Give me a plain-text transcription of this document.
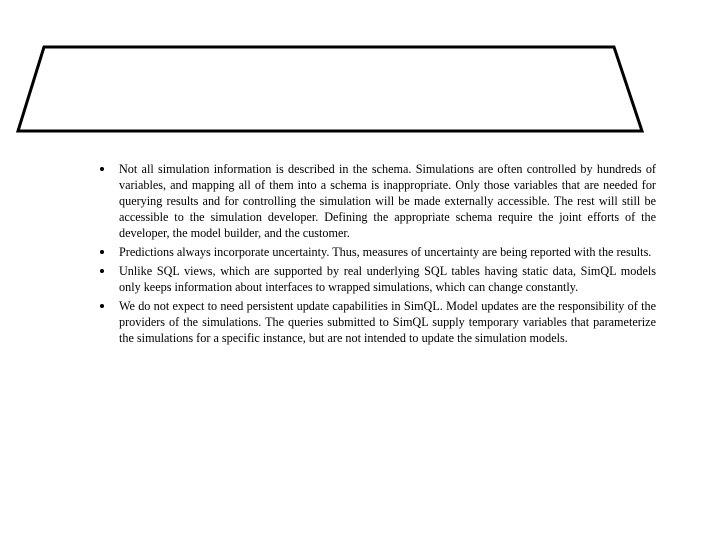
Not all simulation information is described in the schema. Simulations are often controlled by hundreds of variables, and mapping all of them into a schema is inappropriate. Only those variables that are needed for querying results and for controlling the simulation will be made externally accessible. The rest will still be accessible to the simulation developer. Defining the appropriate schema require the joint efforts of the developer, the model builder, and the customer.
Predictions always incorporate uncertainty. Thus, measures of uncertainty are being reported with the results.
Unlike SQL views, which are supported by real underlying SQL tables having static data, SimQL models only keeps information about interfaces to wrapped simulations, which can change constantly.
We do not expect to need persistent update capabilities in SimQL. Model updates are the responsibility of the providers of the simulations. The queries submitted to SimQL supply temporary variables that parameterize the simulations for a specific instance, but are not intended to update the simulation models.
